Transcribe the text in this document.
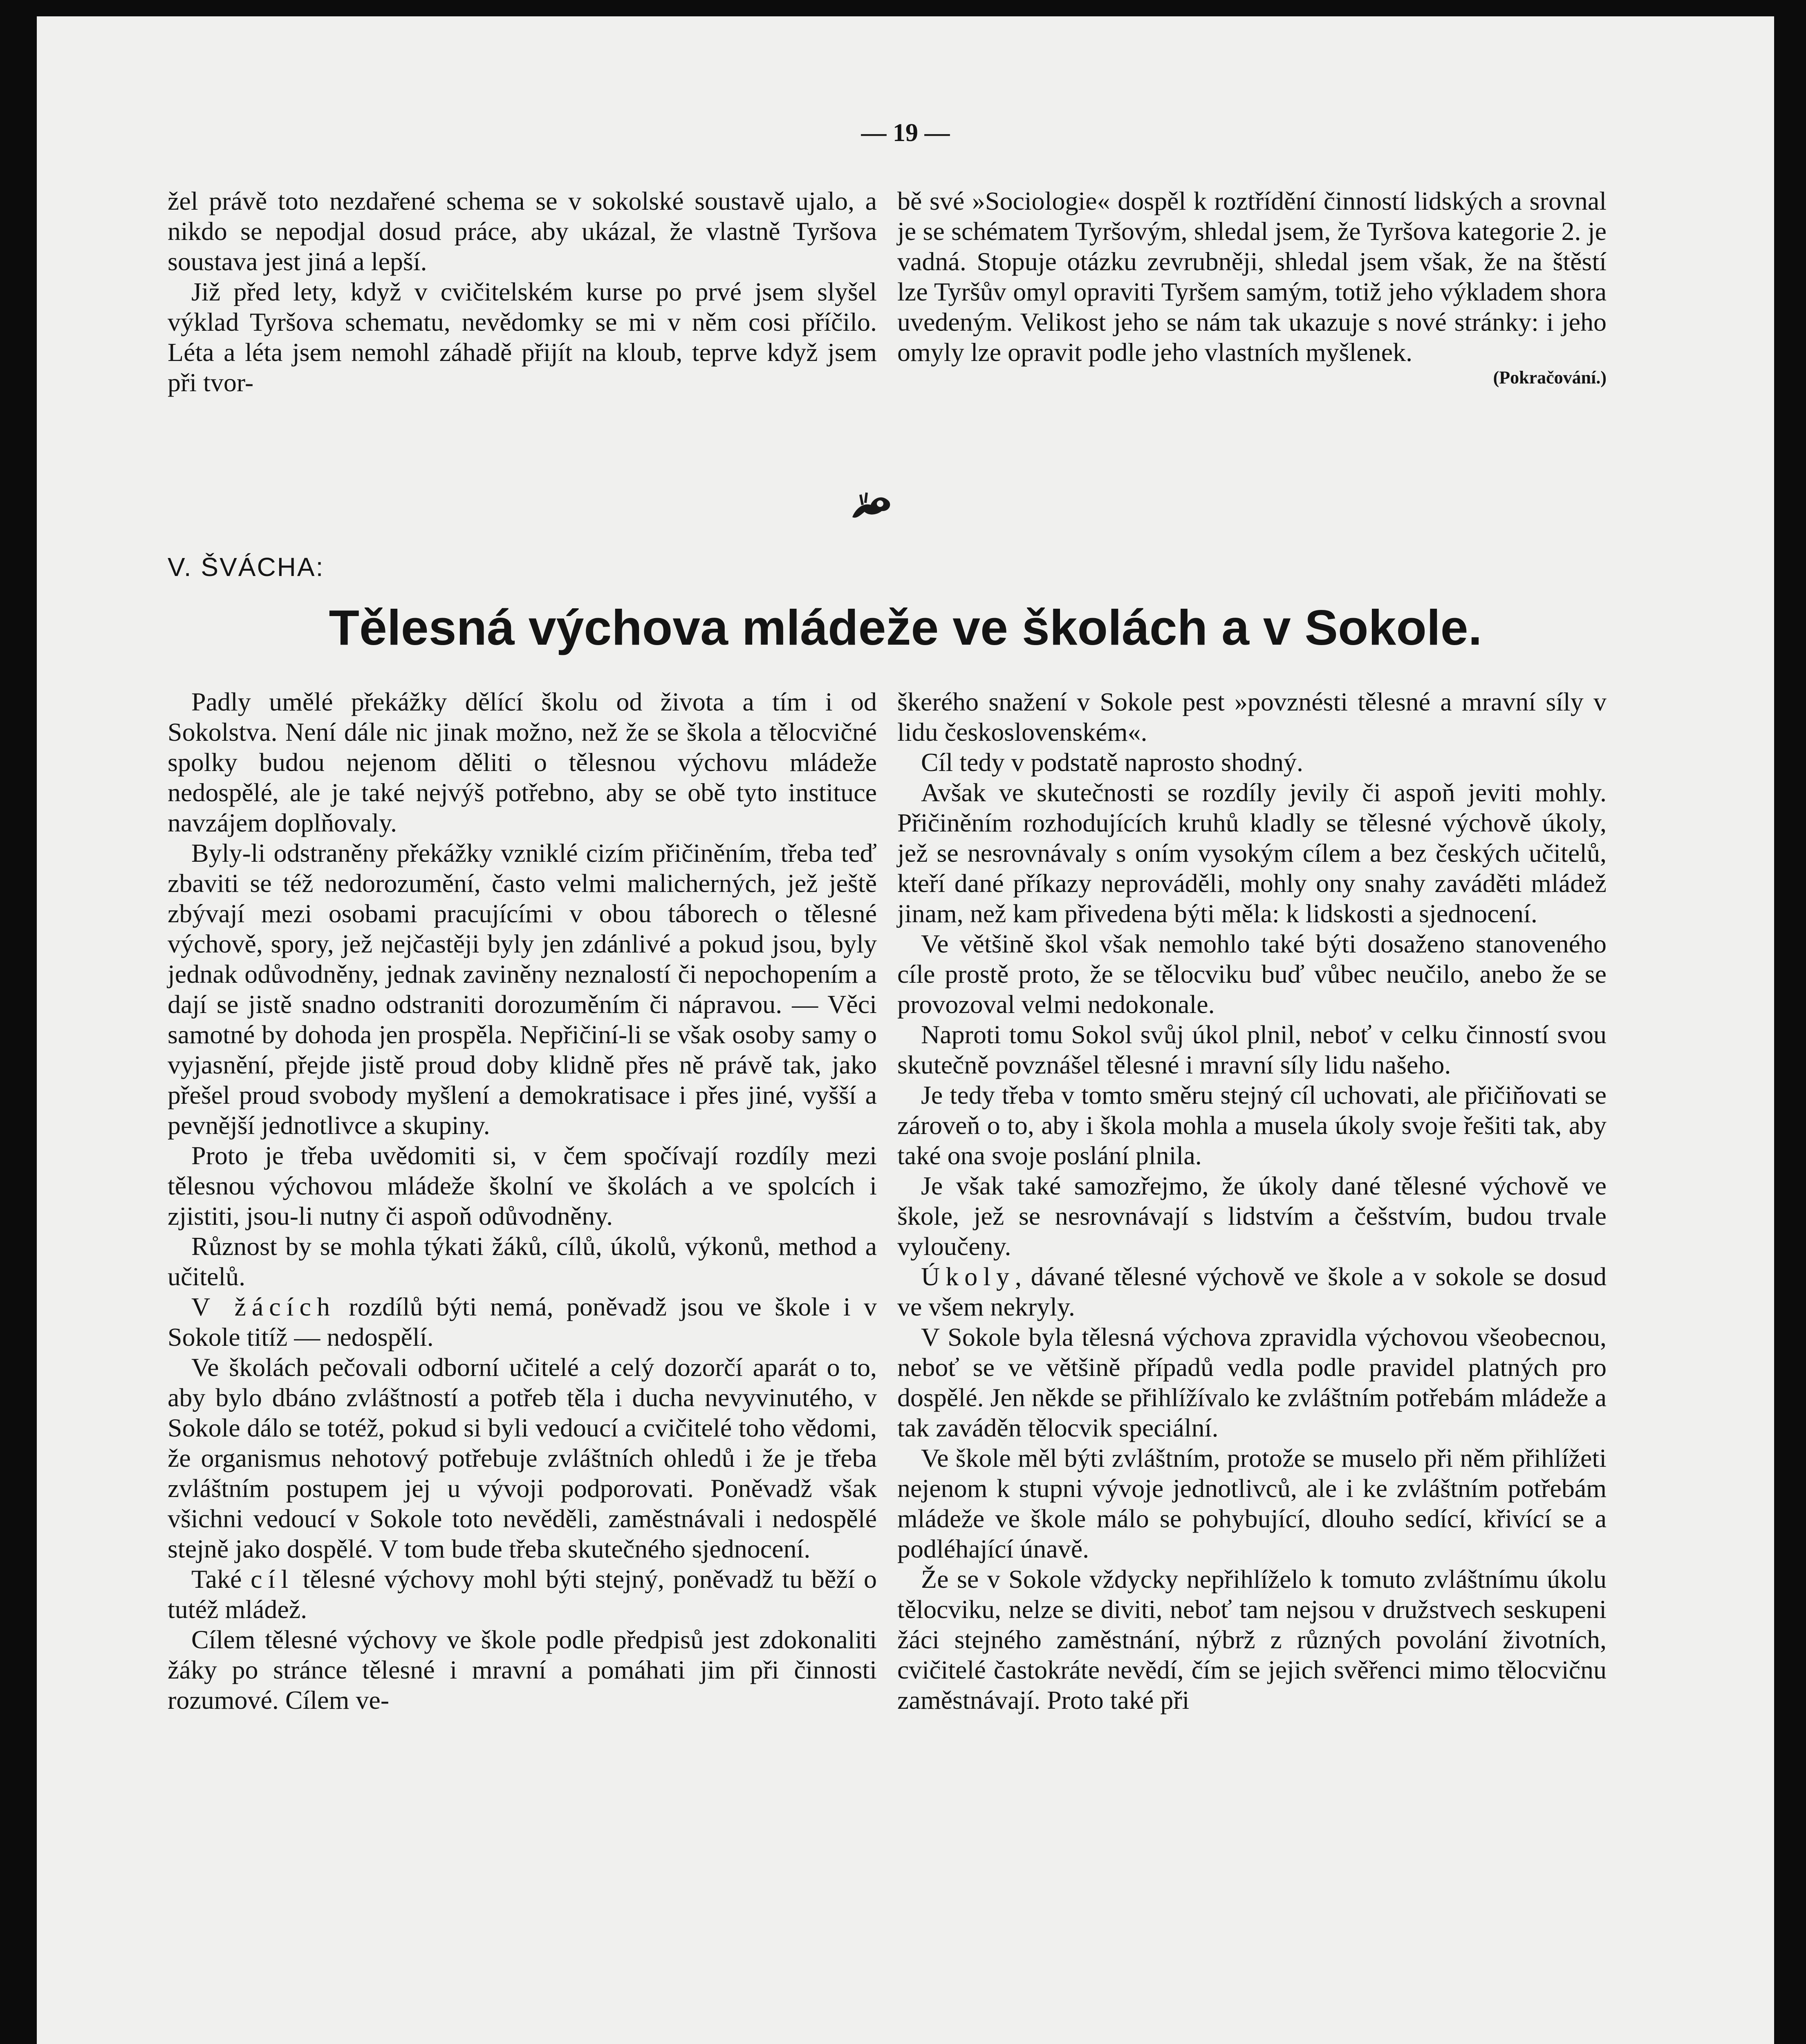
— 19 —

žel právě toto nezdařené schema se v sokolské soustavě ujalo, a nikdo se nepodjal dosud práce, aby ukázal, že vlastně Tyršova soustava jest jiná a lepší.

Již před lety, když v cvičitelském kurse po prvé jsem slyšel výklad Tyršova schematu, nevědomky se mi v něm cosi příčilo. Léta a léta jsem nemohl záhadě přijít na kloub, teprve když jsem při tvor-

bě své »Sociologie« dospěl k roztřídění činností lidských a srovnal je se schématem Tyršovým, shledal jsem, že Tyršova kategorie 2. je vadná. Stopuje otázku zevrubněji, shledal jsem však, že na štěstí lze Tyršův omyl opraviti Tyršem samým, totiž jeho výkladem shora uvedeným. Velikost jeho se nám tak ukazuje s nové stránky: i jeho omyly lze opravit podle jeho vlastních myšlenek.

(Pokračování.)
V. ŠVÁCHA:
Tělesná výchova mládeže ve školách a v Sokole.

Padly umělé překážky dělící školu od života a tím i od Sokolstva. Není dále nic jinak možno, než že se škola a tělocvičné spolky budou nejenom děliti o tělesnou výchovu mládeže nedospělé, ale je také nejvýš potřebno, aby se obě tyto instituce navzájem doplňovaly.

Byly-li odstraněny překážky vzniklé cizím přičiněním, třeba teď zbaviti se též nedorozumění, často velmi malicherných, jež ještě zbývají mezi osobami pracujícími v obou táborech o tělesné výchově, spory, jež nejčastěji byly jen zdánlivé a pokud jsou, byly jednak odůvodněny, jednak zaviněny neznalostí či nepochopením a dají se jistě snadno odstraniti dorozuměním či nápravou. — Věci samotné by dohoda jen prospěla. Nepřičiní-li se však osoby samy o vyjasnění, přejde jistě proud doby klidně přes ně právě tak, jako přešel proud svobody myšlení a demokratisace i přes jiné, vyšší a pevnější jednotlivce a skupiny.

Proto je třeba uvědomiti si, v čem spočívají rozdíly mezi tělesnou výchovou mládeže školní ve školách a ve spolcích i zjistiti, jsou-li nutny či aspoň odůvodněny.

Různost by se mohla týkati žáků, cílů, úkolů, výkonů, method a učitelů.

V žácích rozdílů býti nemá, poněvadž jsou ve škole i v Sokole titíž — nedospělí.

Ve školách pečovali odborní učitelé a celý dozorčí aparát o to, aby bylo dbáno zvláštností a potřeb těla i ducha nevyvinutého, v Sokole dálo se totéž, pokud si byli vedoucí a cvičitelé toho vědomi, že organismus nehotový potřebuje zvláštních ohledů i že je třeba zvláštním postupem jej u vývoji podporovati. Poněvadž však všichni vedoucí v Sokole toto nevěděli, zaměstnávali i nedospělé stejně jako dospělé. V tom bude třeba skutečného sjednocení.

Také cíl tělesné výchovy mohl býti stejný, poněvadž tu běží o tutéž mládež.

Cílem tělesné výchovy ve škole podle předpisů jest zdokonaliti žáky po stránce tělesné i mravní a pomáhati jim při činnosti rozumové. Cílem ve-

škerého snažení v Sokole pest »povznésti tělesné a mravní síly v lidu československém«.

Cíl tedy v podstatě naprosto shodný.

Avšak ve skutečnosti se rozdíly jevily či aspoň jeviti mohly. Přičiněním rozhodujících kruhů kladly se tělesné výchově úkoly, jež se nesrovnávaly s oním vysokým cílem a bez českých učitelů, kteří dané příkazy neprováděli, mohly ony snahy zaváděti mládež jinam, než kam přivedena býti měla: k lidskosti a sjednocení.

Ve většině škol však nemohlo také býti dosaženo stanoveného cíle prostě proto, že se tělocviku buď vůbec neučilo, anebo že se provozoval velmi nedokonale.

Naproti tomu Sokol svůj úkol plnil, neboť v celku činností svou skutečně povznášel tělesné i mravní síly lidu našeho.

Je tedy třeba v tomto směru stejný cíl uchovati, ale přičiňovati se zároveň o to, aby i škola mohla a musela úkoly svoje řešiti tak, aby také ona svoje poslání plnila.

Je však také samozřejmo, že úkoly dané tělesné výchově ve škole, jež se nesrovnávají s lidstvím a češstvím, budou trvale vyloučeny.

Úkoly, dávané tělesné výchově ve škole a v sokole se dosud ve všem nekryly.

V Sokole byla tělesná výchova zpravidla výchovou všeobecnou, neboť se ve většině případů vedla podle pravidel platných pro dospělé. Jen někde se přihlížívalo ke zvláštním potřebám mládeže a tak zaváděn tělocvik speciální.

Ve škole měl býti zvláštním, protože se muselo při něm přihlížeti nejenom k stupni vývoje jednotlivců, ale i ke zvláštním potřebám mládeže ve škole málo se pohybující, dlouho sedící, křivící se a podléhající únavě.

Že se v Sokole vždycky nepřihlíželo k tomuto zvláštnímu úkolu tělocviku, nelze se diviti, neboť tam nejsou v družstvech seskupeni žáci stejného zaměstnání, nýbrž z různých povolání životních, cvičitelé častokráte nevědí, čím se jejich svěřenci mimo tělocvičnu zaměstnávají. Proto také při
